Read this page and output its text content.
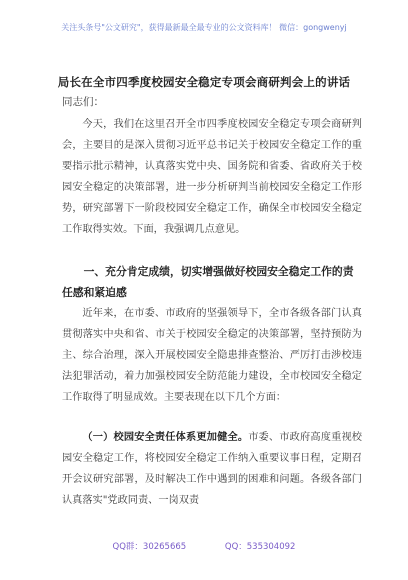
关注头条号"公文研究"，获得最新最全最专业的公文资料库！ 微信：gongwenyj
局长在全市四季度校园安全稳定专项会商研判会上的讲话
同志们：
今天，我们在这里召开全市四季度校园安全稳定专项会商研判会，主要目的是深入贯彻习近平总书记关于校园安全稳定工作的重要指示批示精神，认真落实党中央、国务院和省委、省政府关于校园安全稳定的决策部署，进一步分析研判当前校园安全稳定工作形势，研究部署下一阶段校园安全稳定工作，确保全市校园安全稳定工作取得实效。下面，我强调几点意见。
一、充分肯定成绩，切实增强做好校园安全稳定工作的责任感和紧迫感
近年来，在市委、市政府的坚强领导下，全市各级各部门认真贯彻落实中央和省、市关于校园安全稳定的决策部署，坚持预防为主、综合治理，深入开展校园安全隐患排查整治、严厉打击涉校违法犯罪活动，着力加强校园安全防范能力建设，全市校园安全稳定工作取得了明显成效。主要表现在以下几个方面：
（一）校园安全责任体系更加健全。市委、市政府高度重视校园安全稳定工作，将校园安全稳定工作纳入重要议事日程，定期召开会议研究部署，及时解决工作中遇到的困难和问题。各级各部门认真落实"党政同责、一岗双责
QQ群：30265665	QQ：535304092
